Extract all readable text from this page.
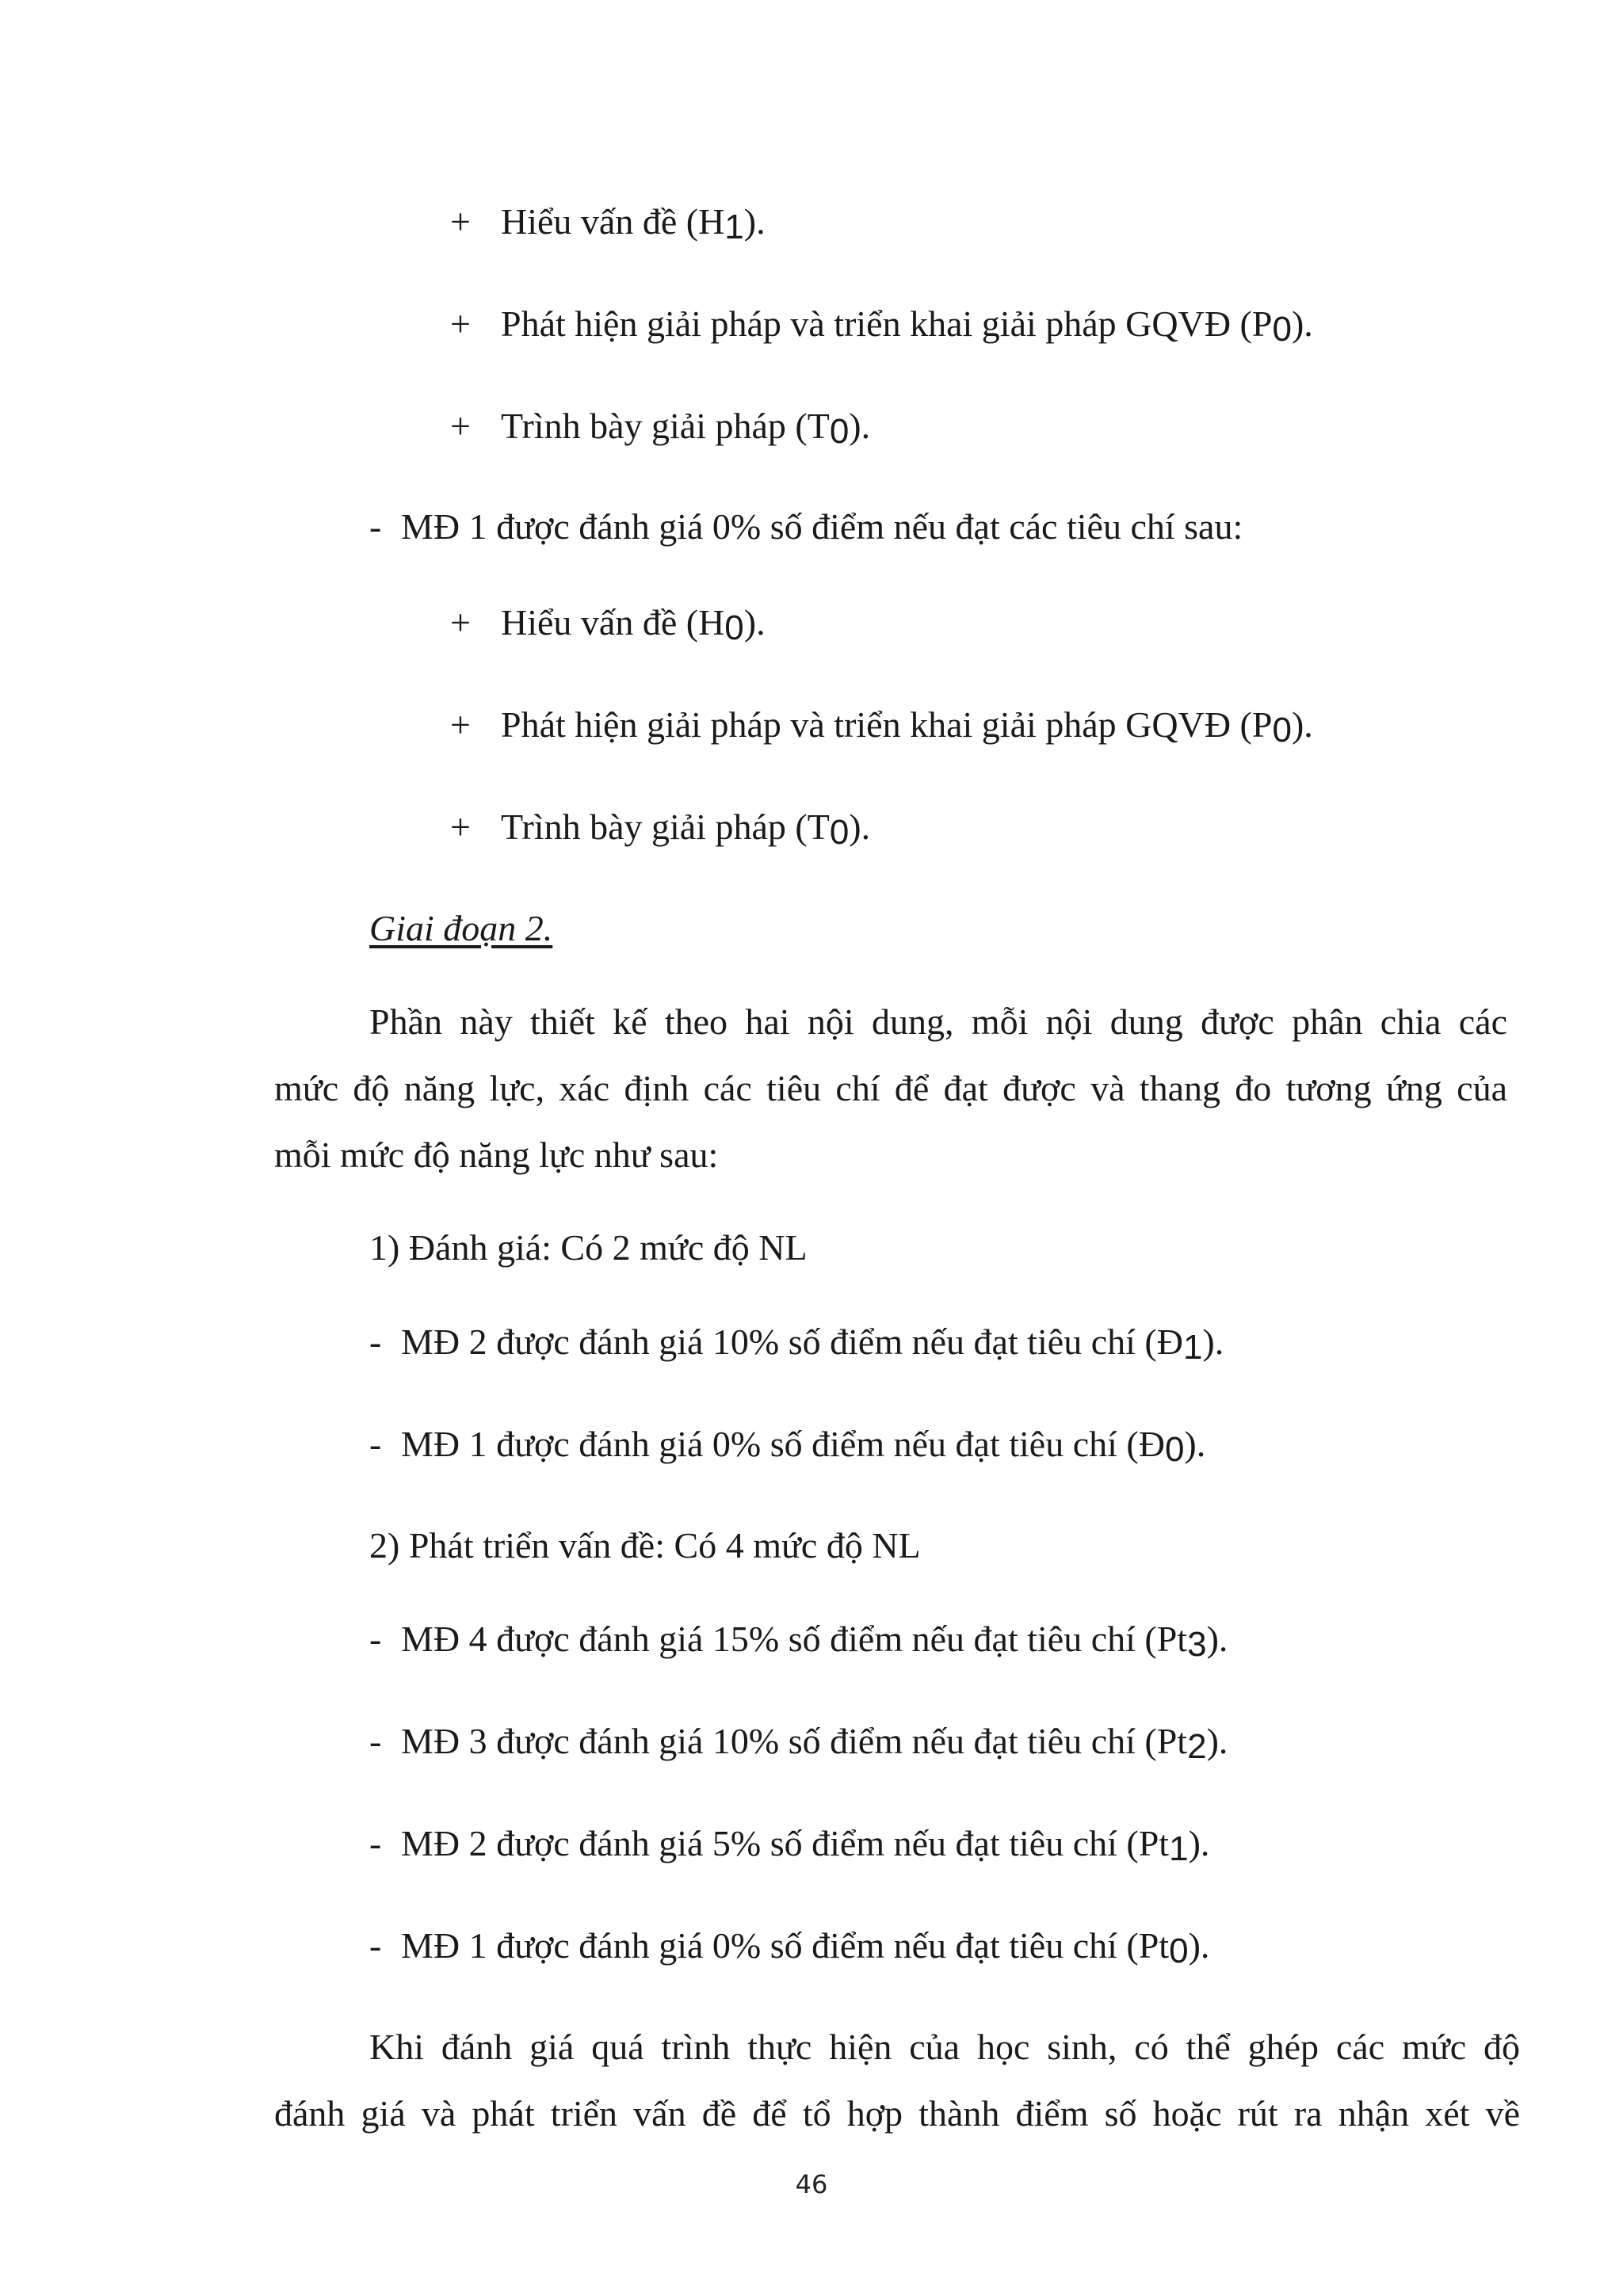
+ Hiểu vấn đề (H1).
+ Phát hiện giải pháp và triển khai giải pháp GQVĐ (P0).
+ Trình bày giải pháp (T0).
- MĐ 1 được đánh giá 0% số điểm nếu đạt các tiêu chí sau:
+ Hiểu vấn đề (H0).
+ Phát hiện giải pháp và triển khai giải pháp GQVĐ (P0).
+ Trình bày giải pháp (T0).
Giai đoạn 2.
Phần này thiết kế theo hai nội dung, mỗi nội dung được phân chia các
mức độ năng lực, xác định các tiêu chí để đạt được và thang đo tương ứng của
mỗi mức độ năng lực như sau:
1) Đánh giá: Có 2 mức độ NL
- MĐ 2 được đánh giá 10% số điểm nếu đạt tiêu chí (Đ1).
- MĐ 1 được đánh giá 0% số điểm nếu đạt tiêu chí (Đ0).
2) Phát triển vấn đề: Có 4 mức độ NL
- MĐ 4 được đánh giá 15% số điểm nếu đạt tiêu chí (Pt3).
- MĐ 3 được đánh giá 10% số điểm nếu đạt tiêu chí (Pt2).
- MĐ 2 được đánh giá 5% số điểm nếu đạt tiêu chí (Pt1).
- MĐ 1 được đánh giá 0% số điểm nếu đạt tiêu chí (Pt0).
Khi đánh giá quá trình thực hiện của học sinh, có thể ghép các mức độ
đánh giá và phát triển vấn đề để tổ hợp thành điểm số hoặc rút ra nhận xét về
46
